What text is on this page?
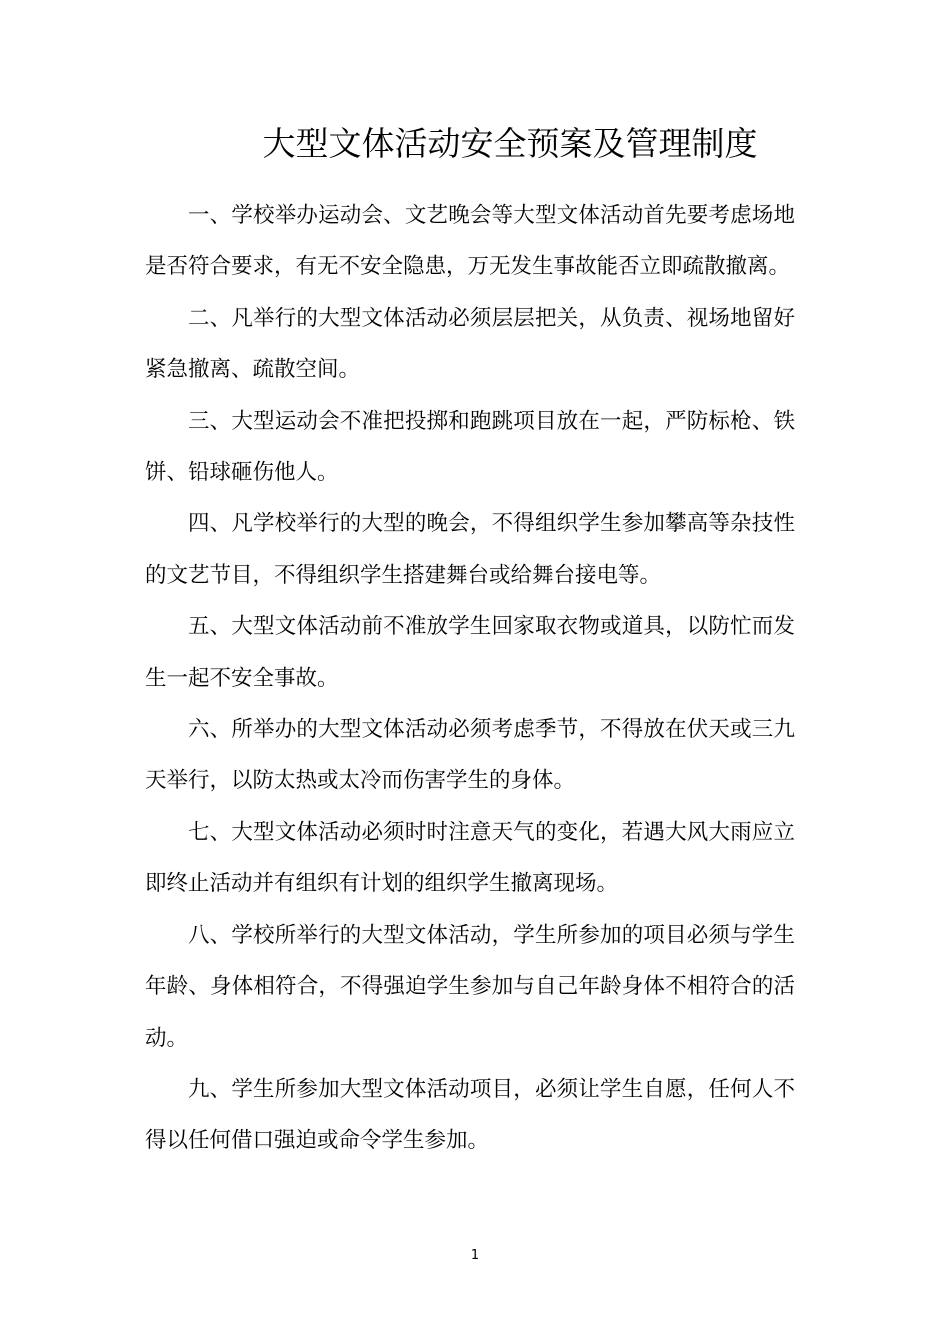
大型文体活动安全预案及管理制度

一、学校举办运动会、文艺晚会等大型文体活动首先要考虑场地是否符合要求，有无不安全隐患，万无发生事故能否立即疏散撤离。

二、凡举行的大型文体活动必须层层把关，从负责、视场地留好紧急撤离、疏散空间。

三、大型运动会不准把投掷和跑跳项目放在一起，严防标枪、铁饼、铅球砸伤他人。

四、凡学校举行的大型的晚会，不得组织学生参加攀高等杂技性的文艺节目，不得组织学生搭建舞台或给舞台接电等。

五、大型文体活动前不准放学生回家取衣物或道具，以防忙而发生一起不安全事故。

六、所举办的大型文体活动必须考虑季节，不得放在伏天或三九天举行，以防太热或太冷而伤害学生的身体。

七、大型文体活动必须时时注意天气的变化，若遇大风大雨应立即终止活动并有组织有计划的组织学生撤离现场。

八、学校所举行的大型文体活动，学生所参加的项目必须与学生年龄、身体相符合，不得强迫学生参加与自己年龄身体不相符合的活动。

九、学生所参加大型文体活动项目，必须让学生自愿，任何人不得以任何借口强迫或命令学生参加。

1
